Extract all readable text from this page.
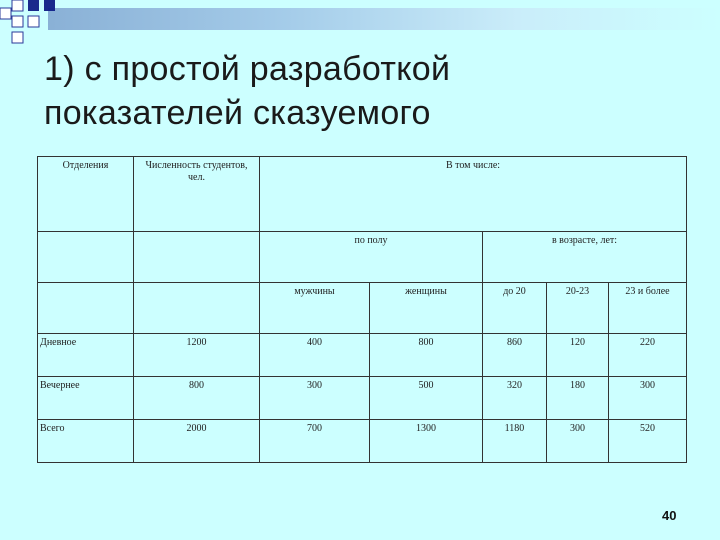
1) с простой разработкой
показателей сказуемого
Отделения	Численность студентов, чел.	В том числе:				
		по полу		в возрасте, лет:		
		мужчины	женщины	до 20	20-23	23 и более
Дневное	1200	400	800	860	120	220
Вечернее	800	300	500	320	180	300
Всего	2000	700	1300	1180	300	520
40
